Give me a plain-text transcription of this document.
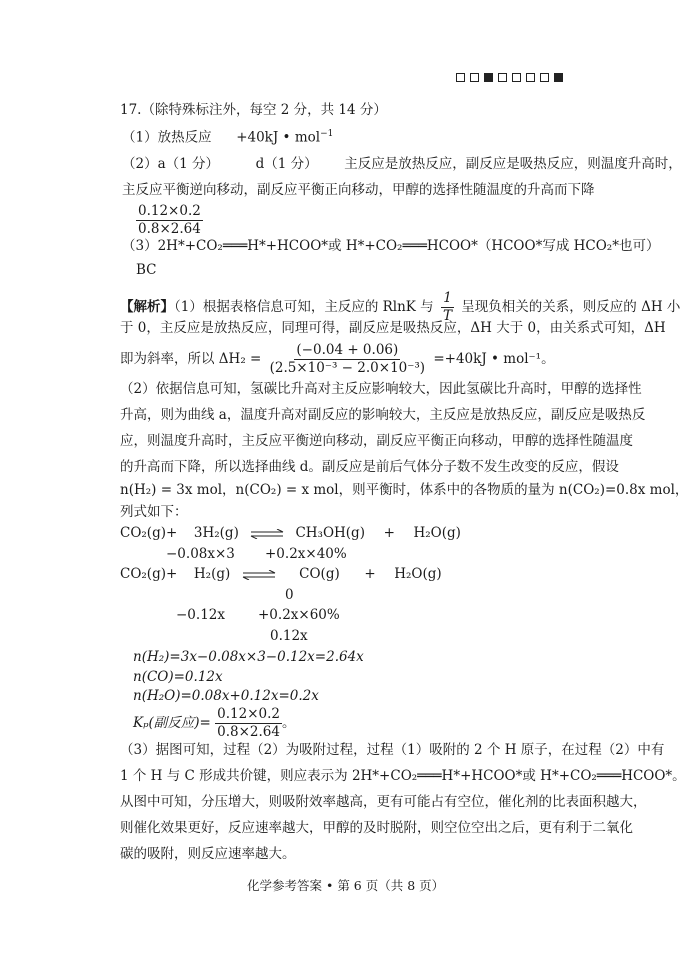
17.（除特殊标注外，每空 2 分，共 14 分）
（1）放热反应 +40kJ • mol$^{-1}$
（2）a（1 分）	d（1 分） 主反应是放热反应，副反应是吸热反应，则温度升高时，
主反应平衡逆向移动，副反应平衡正向移动，甲醇的选择性随温度的升高而下降
$\frac{0.12\times 0.2}{0.8\times 2.64}$
（3）2H*+CO₂═══H*+HCOO*或 H*+CO₂═══HCOO*（HCOO*写成 HCO₂*也可）
BC
【解析】（1）根据表格信息可知，主反应的 RlnK 与 $\frac{1}{T}$ 呈现负相关的关系，则反应的 ΔH 小
于 0，主反应是放热反应，同理可得，副反应是吸热反应，ΔH 大于 0，由关系式可知，ΔH
即为斜率，所以 $\Delta H_2 = \frac{(-0.04 + 0.06)}{\text{(2.5×10⁻³ − 2.0×10⁻³)}} =+40kJ$ • mol⁻¹。
（2）依据信息可知，氢碳比升高对主反应影响较大，因此氢碳比升高时，甲醇的选择性
升高，则为曲线 a，温度升高对副反应的影响较大，主反应是放热反应，副反应是吸热反
应，则温度升高时，主反应平衡逆向移动，副反应平衡正向移动，甲醇的选择性随温度
的升高而下降，所以选择曲线 d。副反应是前后气体分子数不发生改变的反应，假设
n(H₂) = 3x mol，n(CO₂) = x mol，则平衡时，体系中的各物质的量为 n(CO₂)=0.8x mol，
列式如下：
CO₂(g)+ 3H₂(g) ⇌ CH₃OH(g) + H₂O(g)
−0.08x×3 +0.2x×40%
CO₂(g)+ H₂(g) ⇌ CO(g) + H₂O(g)
0
−0.12x +0.2x×60%
0.12x
n(H₂)=3x−0.08x×3−0.12x=2.64x
n(CO)=0.12x
n(H₂O)=0.08x+0.12x=0.2x
Kₚ(副反应)= $\frac{0.12\times 0.2}{0.8\times 2.64}$ 。
（3）据图可知，过程（2）为吸附过程，过程（1）吸附的 2 个 H 原子，在过程（2）中有
1 个 H 与 C 形成共价键，则应表示为 2H*+CO₂═══H*+HCOO*或 H*+CO₂═══HCOO*。
从图中可知，分压增大，则吸附效率越高，更有可能占有空位，催化剂的比表面积越大，
则催化效果更好，反应速率越大，甲醇的及时脱附，则空位空出之后，更有利于二氧化
碳的吸附，则反应速率越大。
化学参考答案 • 第 6 页（共 8 页）
